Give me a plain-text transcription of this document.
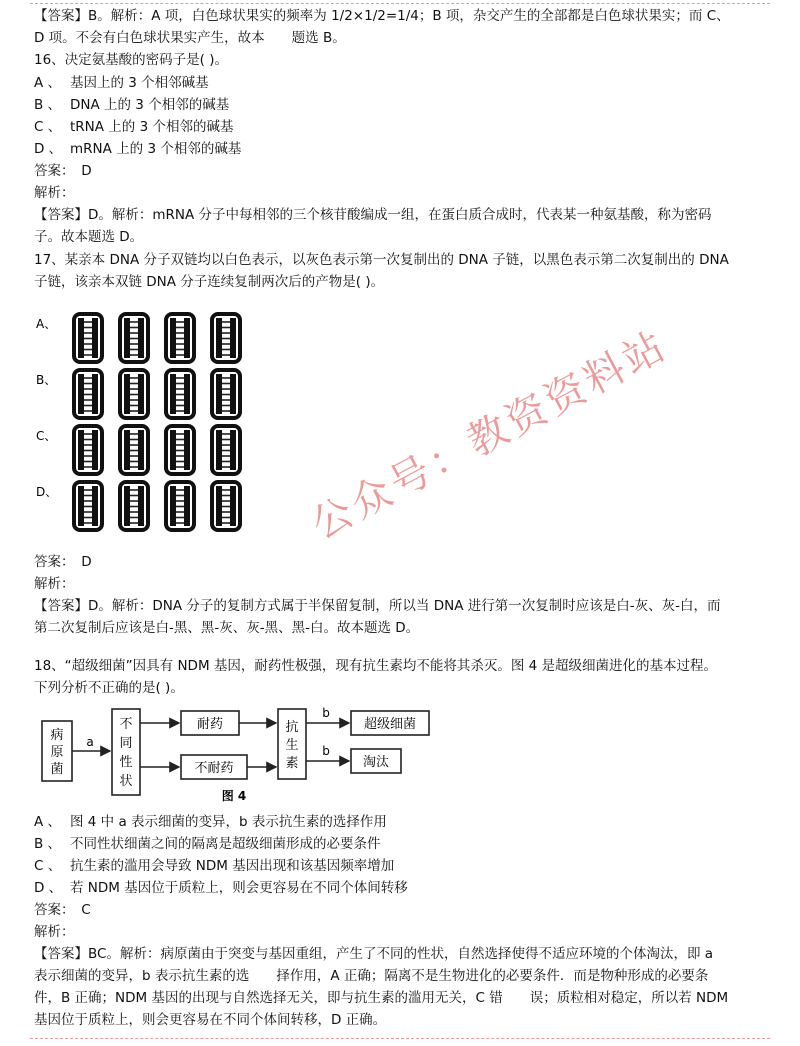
【答案】B。解析：A 项，白色球状果实的频率为 1/2×1/2=1/4；B 项，杂交产生的全部都是白色球状果实；而 C、
D 项。不会有白色球状果实产生，故本　　题选 B。
16、决定氨基酸的密码子是( )。
A 、 基因上的 3 个相邻碱基
B 、 DNA 上的 3 个相邻的碱基
C 、 tRNA 上的 3 个相邻的碱基
D 、 mRNA 上的 3 个相邻的碱基
答案：　D
解析：
【答案】D。解析：mRNA 分子中每相邻的三个核苷酸编成一组，在蛋白质合成时，代表某一种氨基酸，称为密码
子。故本题选 D。
17、某亲本 DNA 分子双链均以白色表示，以灰色表示第一次复制出的 DNA 子链，以黑色表示第二次复制出的 DNA
子链，该亲本双链 DNA 分子连续复制两次后的产物是( )。
A、
B、
C、
D、
答案：　D
解析：
【答案】D。解析：DNA 分子的复制方式属于半保留复制，所以当 DNA 进行第一次复制时应该是白-灰、灰-白，而
第二次复制后应该是白-黑、黑-灰、灰-黑、黑-白。故本题选 D。
18、“超级细菌”因具有 NDM 基因，耐药性极强，现有抗生素均不能将其杀灭。图 4 是超级细菌进化的基本过程。
下列分析不正确的是( )。
病
原
菌
a
不
同
性
状
耐药
不耐药
抗
生
素
b
b
超级细菌
淘汰
图 4
A 、 图 4 中 a 表示细菌的变异，b 表示抗生素的选择作用
B 、 不同性状细菌之间的隔离是超级细菌形成的必要条件
C 、 抗生素的滥用会导致 NDM 基因出现和该基因频率增加
D 、 若 NDM 基因位于质粒上，则会更容易在不同个体间转移
答案：　C
解析：
【答案】BC。解析：病原菌由于突变与基因重组，产生了不同的性状，自然选择使得不适应环境的个体淘汰，即 a
表示细菌的变异，b 表示抗生素的选　　择作用，A 正确；隔离不是生物进化的必要条件．而是物种形成的必要条
件，B 正确；NDM 基因的出现与自然选择无关，即与抗生素的滥用无关，C 错　　误；质粒相对稳定，所以若 NDM
基因位于质粒上，则会更容易在不同个体间转移，D 正确。
公众号：教资资料站
